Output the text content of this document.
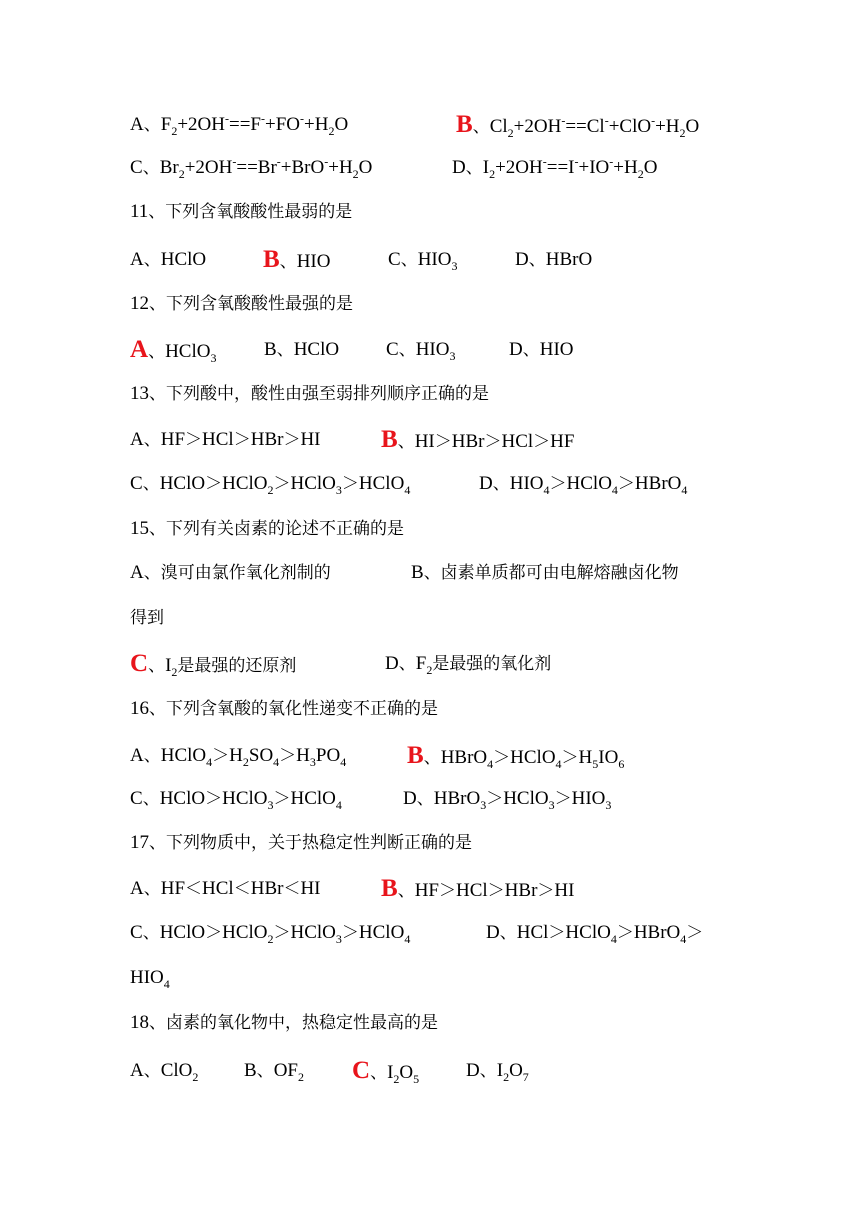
A、$F_2+2OH^-==F^-+FO^-+H_2O$	B、$Cl_2+2OH^-==Cl^-+ClO^-+H_2O$
C、$Br_2+2OH^-==Br^-+BrO^-+H_2O$	D、$I_2+2OH^-==I^-+IO^-+H_2O$
11、下列含氧酸酸性最弱的是
A、HClO B、HIO	C、$HIO_3$	D、HBrO
12、下列含氧酸酸性最强的是
A、HClO$_3$	B、HClO C、$HIO_3$	D、HIO
13、下列酸中，酸性由强至弱排列顺序正确的是
A、HF＞HCl＞HBr＞HI B、HI＞HBr＞HCl＞HF
C、HClO＞HClO$_2$＞HClO$_3$＞HClO$_4$	D、$HIO_4>HClO_4>HBrO_4$
15、下列有关卤素的论述不正确的是
A、溴可由氯作氧化剂制的	B、卤素单质都可由电解熔融卤化物
得到
C、$I_2$是最强的还原剂	D、$F_2$是最强的氧化剂
16、下列含氧酸的氧化性递变不正确的是
A、$HClO_4>H_2SO_4>H_3PO_4$ B、$HBrO_4>HClO_4>H_5IO_6$
C、HClO＞HClO$_3$＞HClO$_4$	D、$HBrO_3>HClO_3>HIO_3$
17、下列物质中，关于热稳定性判断正确的是
A、HF＜HCl＜HBr＜HI B、HF＞HCl＞HBr＞HI
C、HClO＞HClO$_2$＞HClO$_3$＞HClO$_4$	D、HCl＞HClO$_4$＞HBrO$_4$＞
$HIO_4$
18、卤素的氧化物中，热稳定性最高的是
A、ClO$_2$ B、$OF_2$ C、$I_2O_5$ D、$I_2O_7$
